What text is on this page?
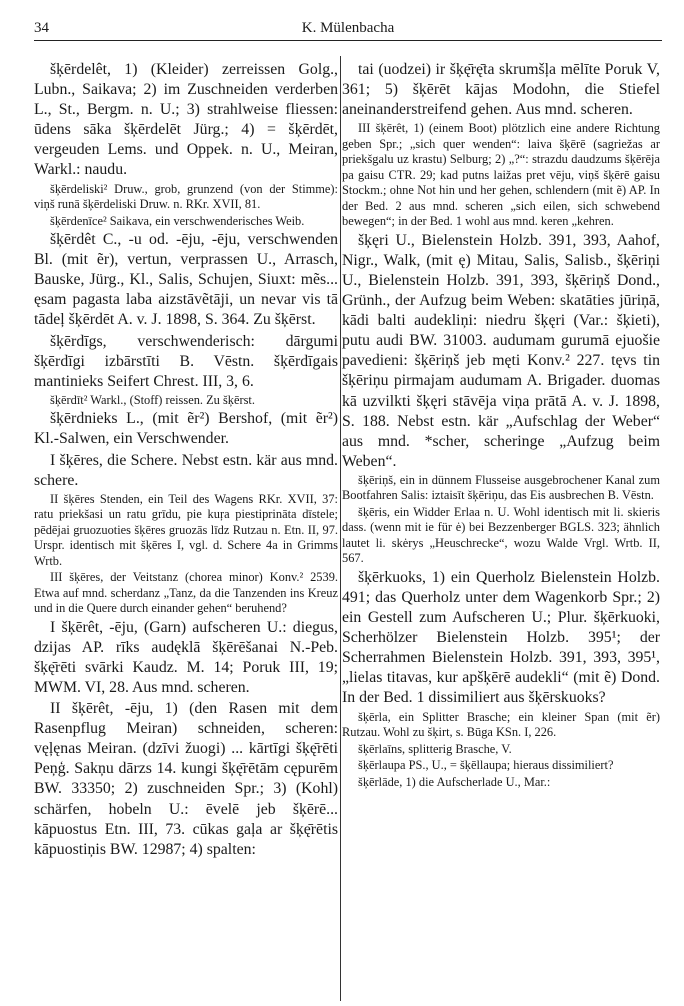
34	K. Mülenbacha
šķērdelêt, 1) (Kleider) zerreissen Golg., Lubn., Saikava; 2) im Zuschneiden verderben L., St., Bergm. n. U.; 3) strahlweise fliessen: ūdens sāka šķērdelēt Jürg.; 4) = šķērdēt, vergeuden Lems. und Oppek. n. U., Meiran, Warkl.: naudu.
šķērdeliski² Druw., grob, grunzend (von der Stimme): viņš runā šķērdeliski Druw. n. RKr. XVII, 81.
šķērdenīce² Saikava, ein verschwenderisches Weib.
šķērdêt C., -u od. -ēju, -ēju, verschwenden Bl. (mit ẽr), vertun, verprassen U., Arrasch, Bauske, Jürg., Kl., Salis, Schujen, Siuxt: mẽs... ęsam pagasta laba aizstāvẽtāji, un nevar vis tā tādeļ šķērdēt A. v. J. 1898, S. 364. Zu šķērst.
šķērdīgs, verschwenderisch: dārgumi šķērdīgi izbārstīti B. Vēstn. šķērdīgais mantinieks Seifert Chrest. III, 3, 6.
šķērdīt² Warkl., (Stoff) reissen. Zu šķērst.
šķērdnieks L., (mit ẽr²) Bershof, (mit ẽr²) Kl.-Salwen, ein Verschwender.
I šķēres, die Schere. Nebst estn. kär aus mnd. schere.
II šķēres Stenden, ein Teil des Wagens RKr. XVII, 37: ratu priekšasi un ratu grīdu, pie kuŗa piestiprināta dīstele; pēdējai gruozuoties šķēres gruozās līdz Rutzau n. Etn. II, 97. Urspr. identisch mit šķēres I, vgl. d. Schere 4a in Grimms Wrtb.
III šķēres, der Veitstanz (chorea minor) Konv.² 2539. Etwa auf mnd. scherdanz „Tanz, da die Tanzenden ins Kreuz und in die Quere durch einander gehen“ beruhend?
I šķērêt, -ēju, (Garn) aufscheren U.: diegus, dzijas AP. rīks audęklā šķērēšanai N.-Peb. šķę̄rēti svārki Kaudz. M. 14; Poruk III, 19; MWM. VI, 28. Aus mnd. scheren.
II šķērêt, -ēju, 1) (den Rasen mit dem Rasenpflug Meiran) schneiden, scheren: vęļęnas Meiran. (dzīvi žuogi) ... kārtīgi šķę̄rēti Peņģ. Sakņu dārzs 14. kungi šķę̄rētām cępurēm BW. 33350; 2) zuschneiden Spr.; 3) (Kohl) schärfen, hobeln U.: ēvelē jeb šķērē... kāpuostus Etn. III, 73. cūkas gaļa ar šķę̄rētis kāpuostiņis BW. 12987; 4) spalten:
tai (uodzei) ir šķę̄rę̄ta skrumšļa mēlīte Poruk V, 361; 5) šķērēt kājas Modohn, die Stiefel aneinanderstreifend gehen. Aus mnd. scheren.
III šķērêt, 1) (einem Boot) plötzlich eine andere Richtung geben Spr.; „sich quer wenden“: laiva šķērē (sagriežas ar priekšgalu uz krastu) Selburg; 2) „?“: strazdu daudzums šķērēja pa gaisu CTR. 29; kad putns laižas pret vēju, viņš šķērē gaisu Stockm.; ohne Not hin und her gehen, schlendern (mit ẽ) AP. In der Bed. 2 aus mnd. scheren „sich eilen, sich schwebend bewegen“; in der Bed. 1 wohl aus mnd. keren „kehren.
šķęri U., Bielenstein Holzb. 391, 393, Aahof, Nigr., Walk, (mit ę) Mitau, Salis, Salisb., šķēriņi U., Bielenstein Holzb. 391, 393, šķēriņš Dond., Grünh., der Aufzug beim Weben: skatāties jūriņā, kādi balti audekliņi: niedru šķęri (Var.: šķieti), putu audi BW. 31003. audumam gurumā ejuošie pavedieni: šķēriņš jeb męti Konv.² 227. tęvs tin šķēriņu pirmajam audumam A. Brigader. duomas kā uzvilkti šķęri stāvēja viņa prātā A. v. J. 1898, S. 188. Nebst estn. kär „Aufschlag der Weber“ aus mnd. *scher, scheringe „Aufzug beim Weben“.
šķēriņš, ein in dünnem Flusseise ausgebrochener Kanal zum Bootfahren Salis: iztaisīt šķēriņu, das Eis ausbrechen B. Vēstn.
šķēris, ein Widder Erlaa n. U. Wohl identisch mit li. skieris dass. (wenn mit ie für ė) bei Bezzenberger BGLS. 323; ähnlich lautet li. skėrys „Heuschrecke“, wozu Walde Vrgl. Wrtb. II, 567.
šķērkuoks, 1) ein Querholz Bielenstein Holzb. 491; das Querholz unter dem Wagenkorb Spr.; 2) ein Gestell zum Aufscheren U.; Plur. šķērkuoki, Scherhölzer Bielenstein Holzb. 395¹; der Scherrahmen Bielenstein Holzb. 391, 393, 395¹, „lielas titavas, kur apšķērē audekli“ (mit ẽ) Dond. In der Bed. 1 dissimiliert aus šķērskuoks?
šķērla, ein Splitter Brasche; ein kleiner Span (mit ẽr) Rutzau. Wohl zu šķirt, s. Būga KSn. I, 226.
šķērlaīns, splitterig Brasche, V.
šķērlaupa PS., U., = šķēllaupa; hieraus dissimiliert?
šķērlāde, 1) die Aufscherlade U., Mar.:
